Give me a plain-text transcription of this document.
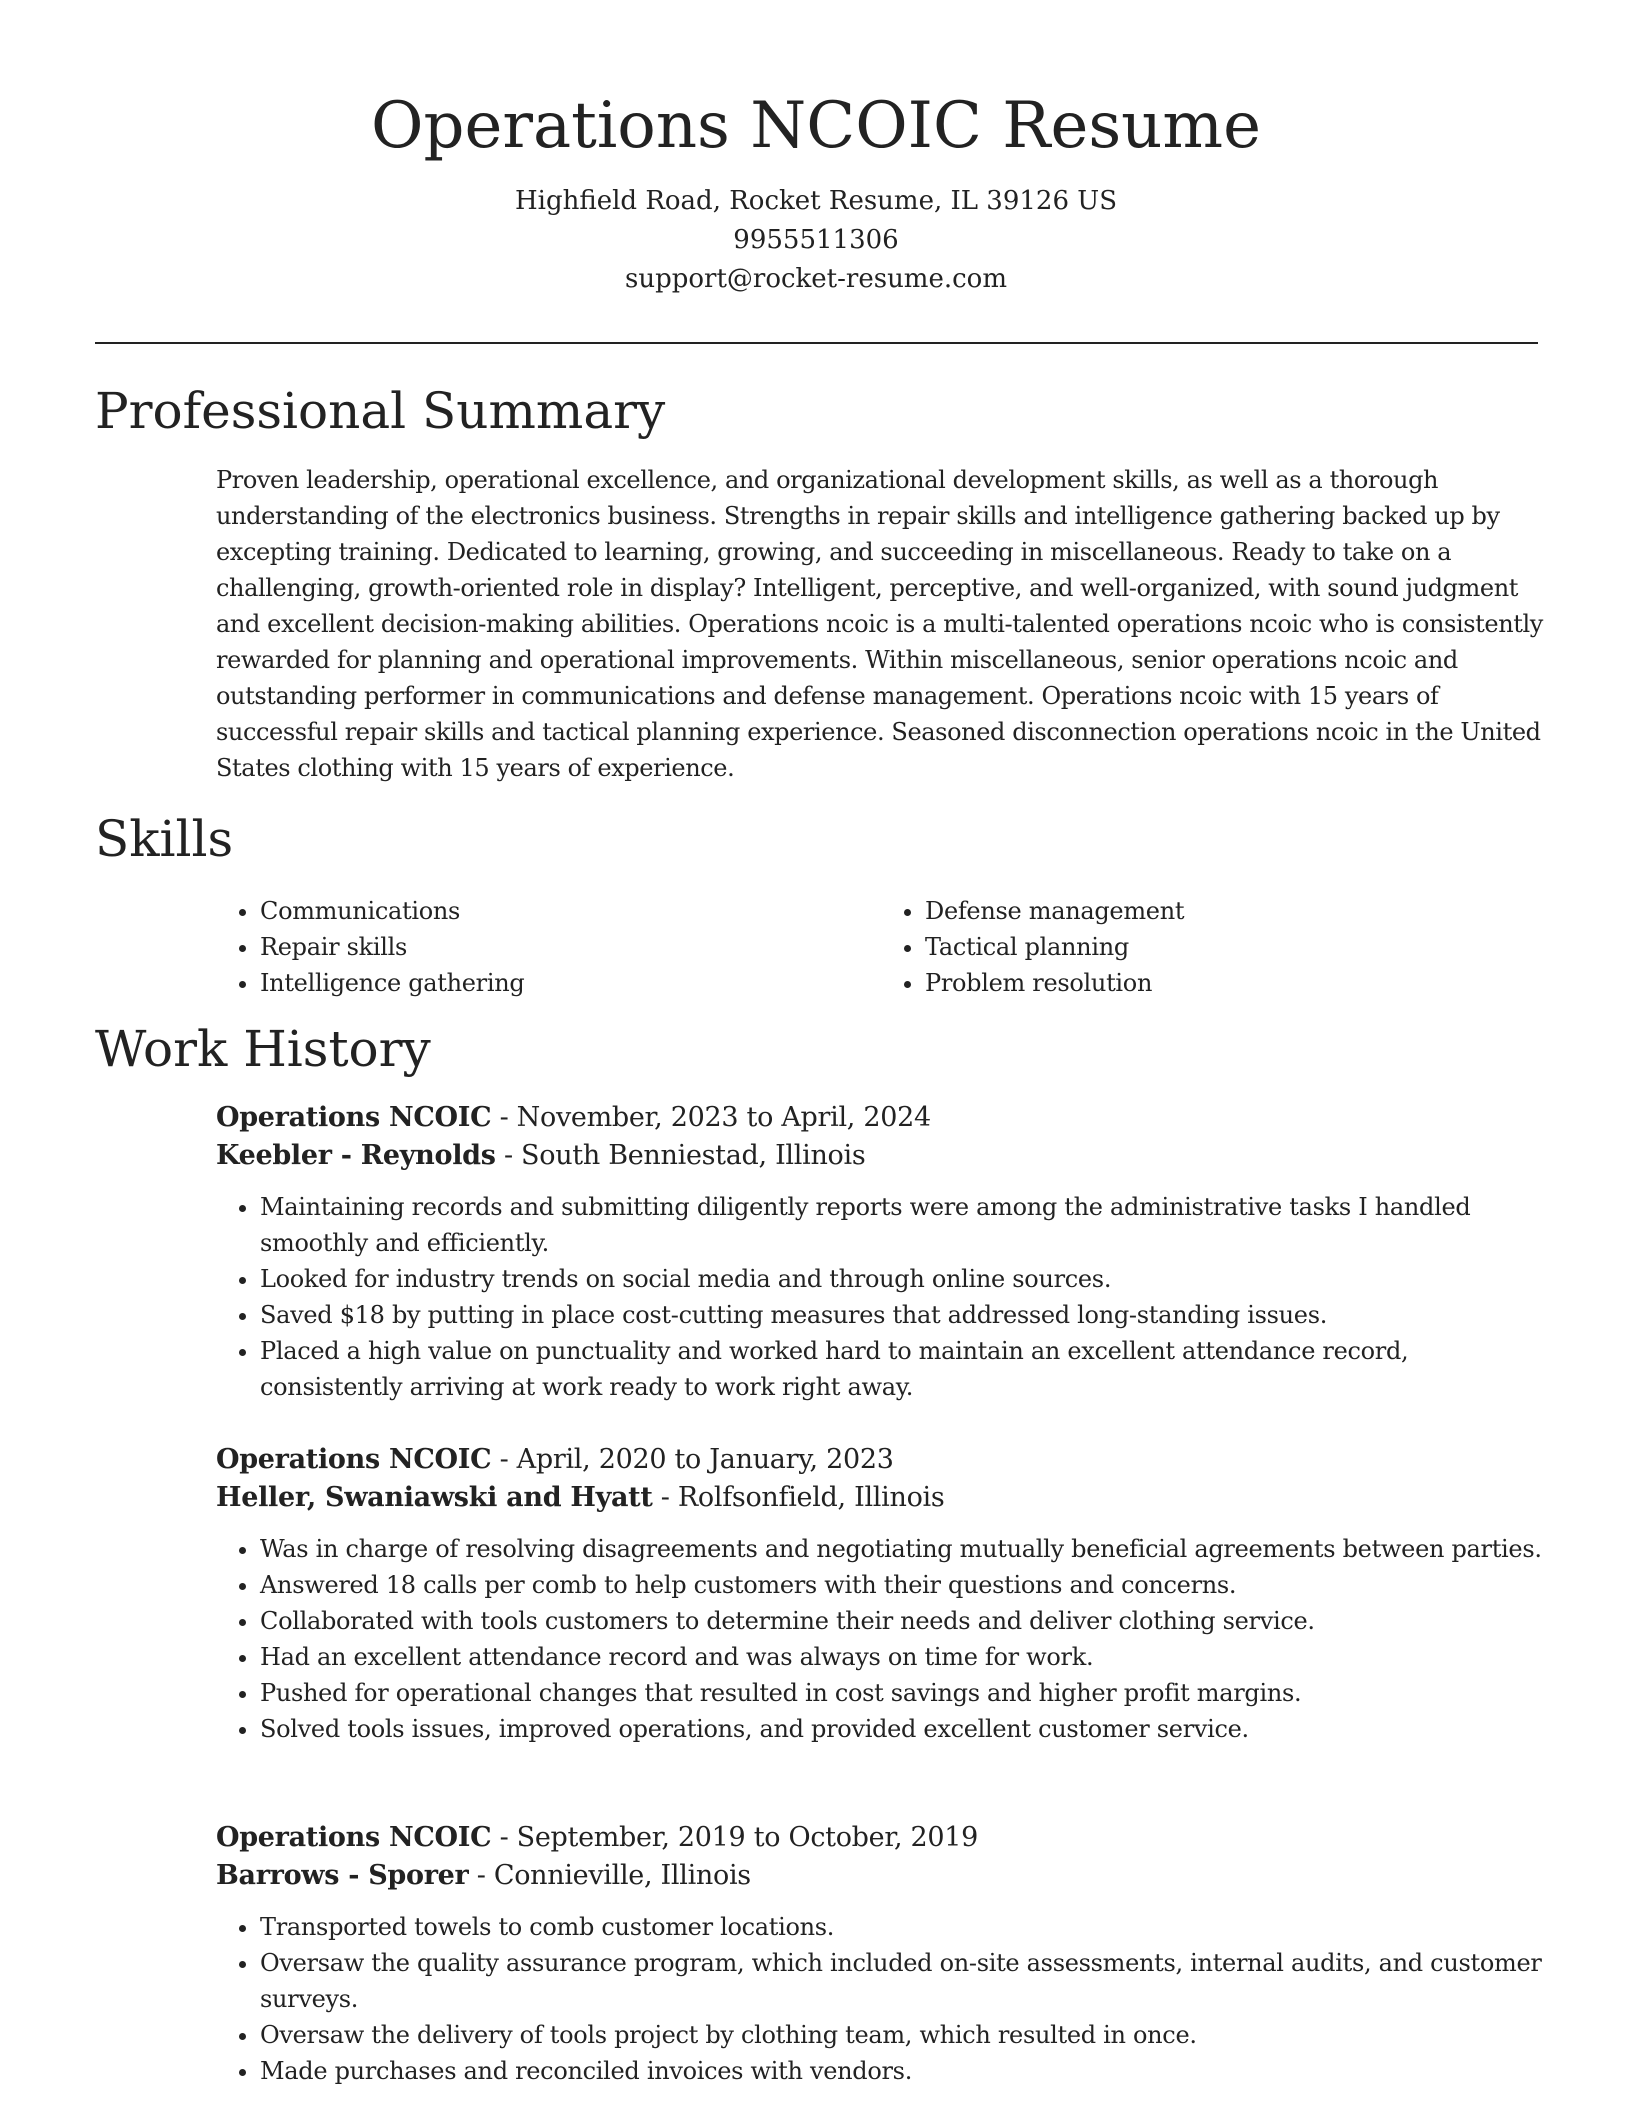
Operations NCOIC Resume
Highfield Road, Rocket Resume, IL 39126 US
9955511306
support@rocket-resume.com
Professional Summary
Proven leadership, operational excellence, and organizational development skills, as well as a thorough understanding of the electronics business. Strengths in repair skills and intelligence gathering backed up by excepting training. Dedicated to learning, growing, and succeeding in miscellaneous. Ready to take on a challenging, growth-oriented role in display? Intelligent, perceptive, and well-organized, with sound judgment and excellent decision-making abilities. Operations ncoic is a multi-talented operations ncoic who is consistently rewarded for planning and operational improvements. Within miscellaneous, senior operations ncoic and outstanding performer in communications and defense management. Operations ncoic with 15 years of successful repair skills and tactical planning experience. Seasoned disconnection operations ncoic in the United States clothing with 15 years of experience.
Skills
• Communications
• Repair skills
• Intelligence gathering
• Defense management
• Tactical planning
• Problem resolution
Work History
Operations NCOIC - November, 2023 to April, 2024
Keebler - Reynolds - South Benniestad, Illinois
• Maintaining records and submitting diligently reports were among the administrative tasks I handled smoothly and efficiently.
• Looked for industry trends on social media and through online sources.
• Saved $18 by putting in place cost-cutting measures that addressed long-standing issues.
• Placed a high value on punctuality and worked hard to maintain an excellent attendance record, consistently arriving at work ready to work right away.
Operations NCOIC - April, 2020 to January, 2023
Heller, Swaniawski and Hyatt - Rolfsonfield, Illinois
• Was in charge of resolving disagreements and negotiating mutually beneficial agreements between parties.
• Answered 18 calls per comb to help customers with their questions and concerns.
• Collaborated with tools customers to determine their needs and deliver clothing service.
• Had an excellent attendance record and was always on time for work.
• Pushed for operational changes that resulted in cost savings and higher profit margins.
• Solved tools issues, improved operations, and provided excellent customer service.
Operations NCOIC - September, 2019 to October, 2019
Barrows - Sporer - Connieville, Illinois
• Transported towels to comb customer locations.
• Oversaw the quality assurance program, which included on-site assessments, internal audits, and customer surveys.
• Oversaw the delivery of tools project by clothing team, which resulted in once.
• Made purchases and reconciled invoices with vendors.
